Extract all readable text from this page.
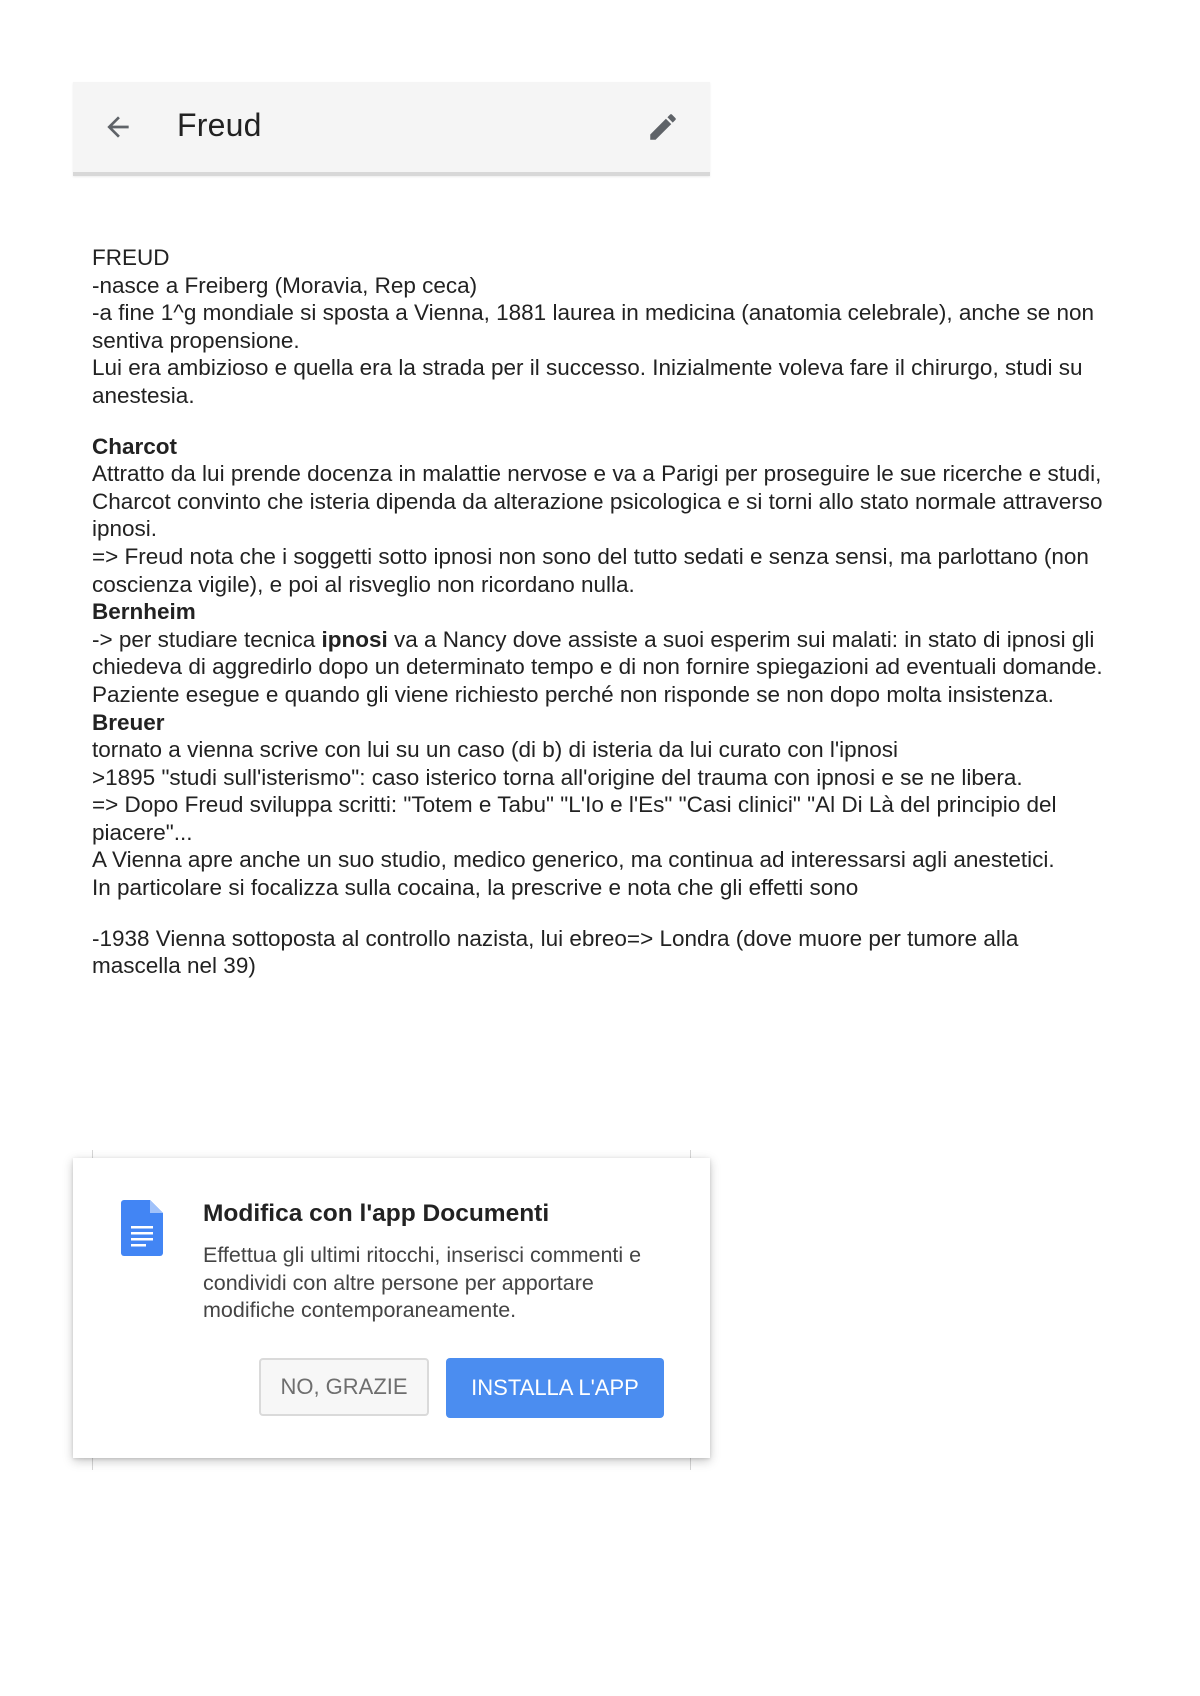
Freud

FREUD

-nasce a Freiberg (Moravia, Rep ceca)

-a fine 1^g mondiale si sposta a Vienna, 1881 laurea in medicina (anatomia celebrale), anche se non sentiva propensione.

Lui era ambizioso e quella era la strada per il successo. Inizialmente voleva fare il chirurgo, studi su anestesia.

Charcot

Attratto da lui prende docenza in malattie nervose e va a Parigi per proseguire le sue ricerche e studi, Charcot convinto che isteria dipenda da alterazione psicologica e si torni allo stato normale attraverso ipnosi.

=> Freud nota che i soggetti sotto ipnosi non sono del tutto sedati e senza sensi, ma parlottano (non coscienza vigile), e poi al risveglio non ricordano nulla.

Bernheim

-> per studiare tecnica ipnosi va a Nancy dove assiste a suoi esperim sui malati: in stato di ipnosi gli chiedeva di aggredirlo dopo un determinato tempo e di non fornire spiegazioni ad eventuali domande. Paziente esegue e quando gli viene richiesto perché non risponde se non dopo molta insistenza.

Breuer

tornato a vienna scrive con lui su un caso (di b) di isteria da lui curato con l'ipnosi

>1895 "studi sull'isterismo": caso isterico torna all'origine del trauma con ipnosi e se ne libera.

=> Dopo Freud sviluppa scritti: "Totem e Tabu" "L'Io e l'Es" "Casi clinici" "Al Di Là del principio del piacere"...

A Vienna apre anche un suo studio, medico generico, ma continua ad interessarsi agli anestetici.

In particolare si focalizza sulla cocaina, la prescrive e nota che gli effetti sono

-1938 Vienna sottoposta al controllo nazista, lui ebreo=> Londra (dove muore per tumore alla mascella nel 39)

Modifica con l'app Documenti
Effettua gli ultimi ritocchi, inserisci commenti e condividi con altre persone per apportare modifiche contemporaneamente.
NO, GRAZIE	INSTALLA L'APP
